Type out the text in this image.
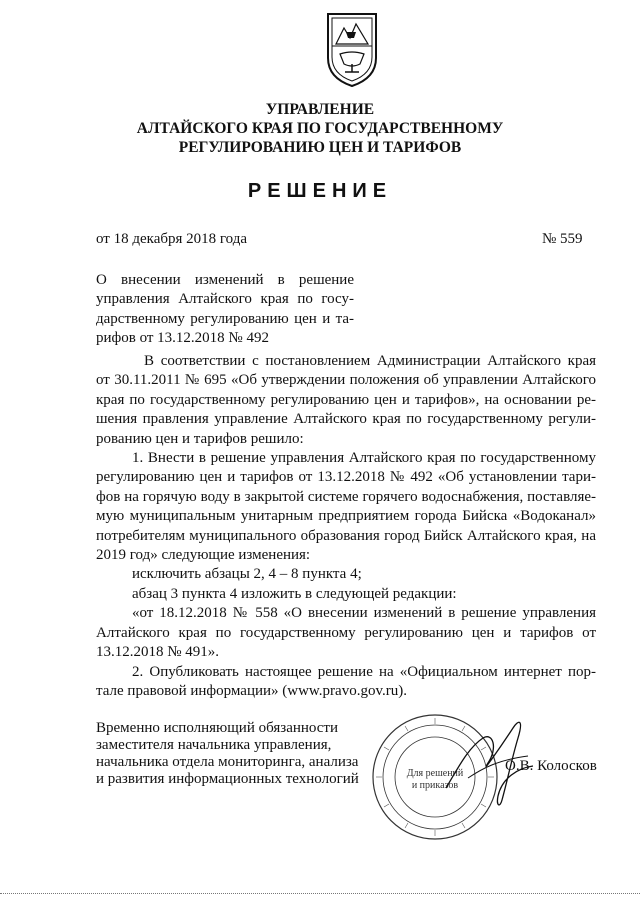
УПРАВЛЕНИЕ
АЛТАЙСКОГО КРАЯ ПО ГОСУДАРСТВЕННОМУ
РЕГУЛИРОВАНИЮ ЦЕН И ТАРИФОВ
РЕШЕНИЕ
от 18 декабря 2018 года	№ 559
О внесении изменений в решение
управления Алтайского края по госу-
дарственному регулированию цен и та-
рифов от 13.12.2018 № 492
В соответствии с постановлением Администрации Алтайского края
от 30.11.2011 № 695 «Об утверждении положения об управлении Алтайского
края по государственному регулированию цен и тарифов», на основании ре-
шения правления управление Алтайского края по государственному регули-
рованию цен и тарифов решило:
1. Внести в решение управления Алтайского края по государственному
регулированию цен и тарифов от 13.12.2018 № 492 «Об установлении тари-
фов на горячую воду в закрытой системе горячего водоснабжения, поставляе-
мую муниципальным унитарным предприятием города Бийска «Водоканал»
потребителям муниципального образования город Бийск Алтайского края, на
2019 год» следующие изменения:
исключить абзацы 2, 4 – 8 пункта 4;
абзац 3 пункта 4 изложить в следующей редакции:
«от 18.12.2018 № 558 «О внесении изменений в решение управления
Алтайского края по государственному регулированию цен и тарифов от
13.12.2018 № 491».
2. Опубликовать настоящее решение на «Официальном интернет пор-
тале правовой информации» (www.pravo.gov.ru).
Временно исполняющий обязанности
заместителя начальника управления,
начальника отдела мониторинга, анализа
и развития информационных технологий	Для решений
и приказов
О.В. Колосков
